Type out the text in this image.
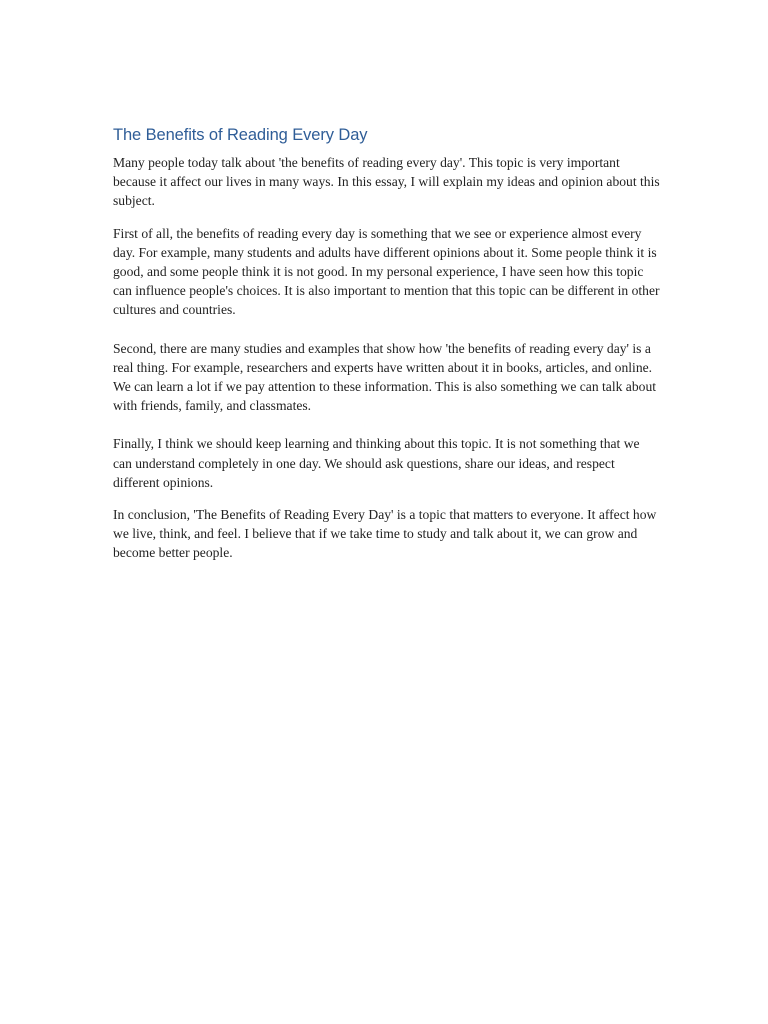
The Benefits of Reading Every Day

Many people today talk about 'the benefits of reading every day'. This topic is very important because it affect our lives in many ways. In this essay, I will explain my ideas and opinion about this subject.

First of all, the benefits of reading every day is something that we see or experience almost every day. For example, many students and adults have different opinions about it. Some people think it is good, and some people think it is not good. In my personal experience, I have seen how this topic can influence people's choices. It is also important to mention that this topic can be different in other cultures and countries.

Second, there are many studies and examples that show how 'the benefits of reading every day' is a real thing. For example, researchers and experts have written about it in books, articles, and online. We can learn a lot if we pay attention to these information. This is also something we can talk about with friends, family, and classmates.

Finally, I think we should keep learning and thinking about this topic. It is not something that we can understand completely in one day. We should ask questions, share our ideas, and respect different opinions.

In conclusion, 'The Benefits of Reading Every Day' is a topic that matters to everyone. It affect how we live, think, and feel. I believe that if we take time to study and talk about it, we can grow and become better people.
